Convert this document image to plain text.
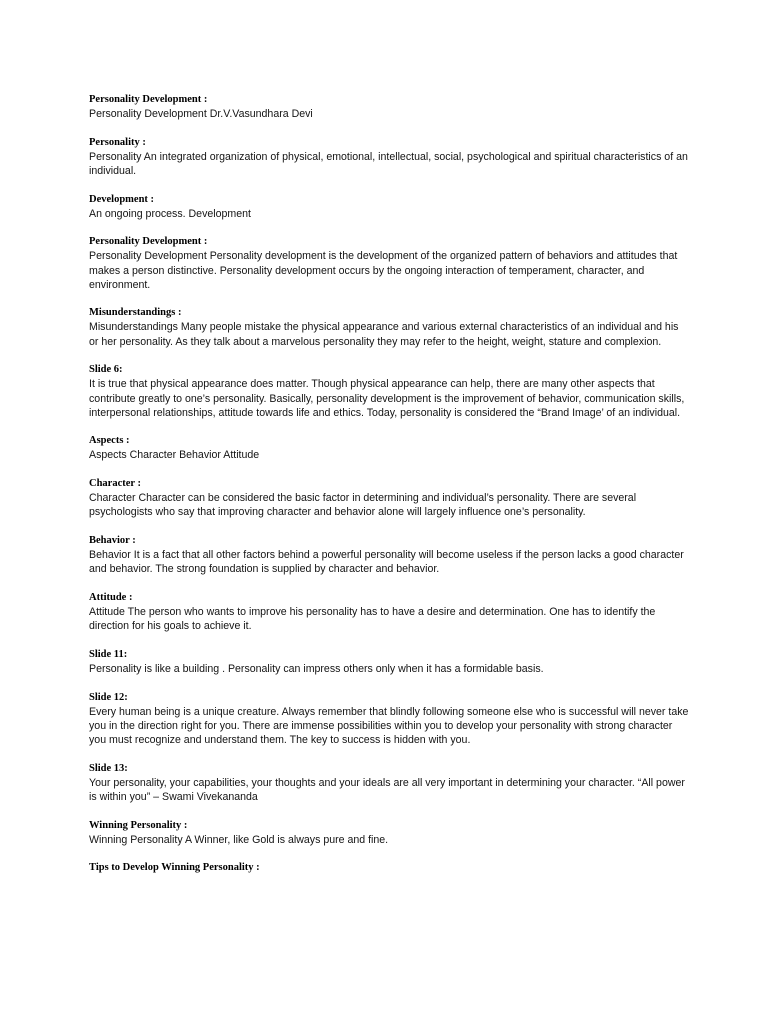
Personality Development :

Personality Development Dr.V.Vasundhara Devi

Personality :

Personality An integrated organization of physical, emotional, intellectual, social, psychological and spiritual characteristics of an individual.

Development :

An ongoing process. Development

Personality Development :

Personality Development Personality development is the development of the organized pattern of behaviors and attitudes that makes a person distinctive. Personality development occurs by the ongoing interaction of temperament, character, and environment.

Misunderstandings :

Misunderstandings Many people mistake the physical appearance and various external characteristics of an individual and his or her personality. As they talk about a marvelous personality they may refer to the height, weight, stature and complexion.

Slide 6:

It is true that physical appearance does matter. Though physical appearance can help, there are many other aspects that contribute greatly to one’s personality. Basically, personality development is the improvement of behavior, communication skills, interpersonal relationships, attitude towards life and ethics. Today, personality is considered the “Brand Image’ of an individual.

Aspects :

Aspects Character Behavior Attitude

Character :

Character Character can be considered the basic factor in determining and individual’s personality. There are several psychologists who say that improving character and behavior alone will largely influence one’s personality.

Behavior :

Behavior It is a fact that all other factors behind a powerful personality will become useless if the person lacks a good character and behavior. The strong foundation is supplied by character and behavior.

Attitude :

Attitude The person who wants to improve his personality has to have a desire and determination. One has to identify the direction for his goals to achieve it.

Slide 11:

Personality is like a building . Personality can impress others only when it has a formidable basis.

Slide 12:

Every human being is a unique creature. Always remember that blindly following someone else who is successful will never take you in the direction right for you. There are immense possibilities within you to develop your personality with strong character you must recognize and understand them. The key to success is hidden with you.

Slide 13:

Your personality, your capabilities, your thoughts and your ideals are all very important in determining your character. “All power is within you” – Swami Vivekananda

Winning Personality :

Winning Personality A Winner, like Gold is always pure and fine.

Tips to Develop Winning Personality :
